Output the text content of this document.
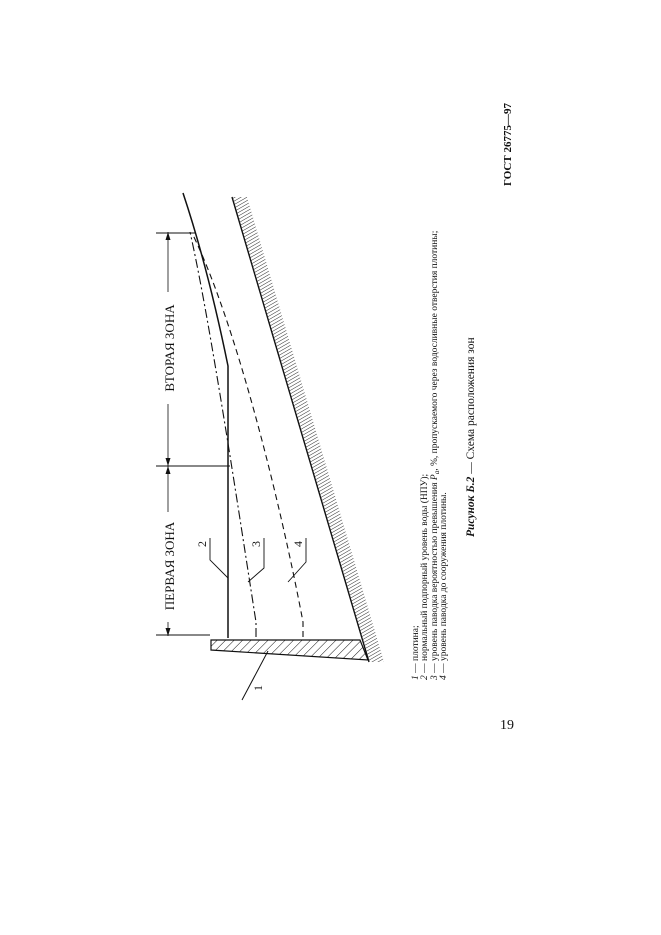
ПЕРВАЯ ЗОНА
ВТОРАЯ ЗОНА
1
2	3 4
1 — плотина;
2 — нормальный подпорный уровень воды (НПУ);
3 — уровень паводка вероятностью превышения $P_а$, %, пропускаемого через водосливные отверстия плотины;
4 — уровень паводка до сооружения плотины. Рисунок Б.2 — Схема расположения зон
ГОСТ 26775—97
19
